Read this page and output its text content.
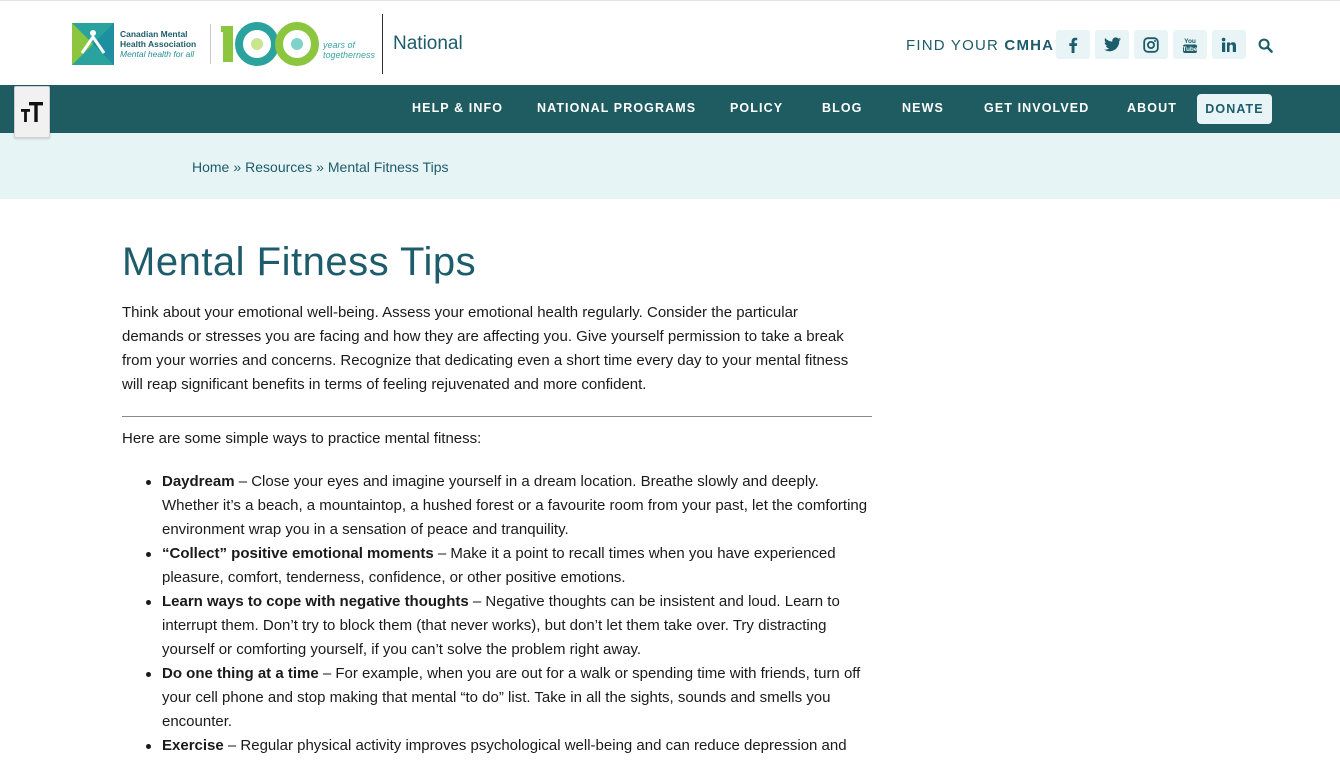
Canadian Mental
Health Association
Mental health for all
years of togetherness
National	FIND YOUR CMHA	You
Tube
HELP & INFO	NATIONAL PROGRAMS	POLICY	BLOG	NEWS	GET INVOLVED	ABOUT	DONATE
Home » Resources » Mental Fitness Tips
Mental Fitness Tips

Think about your emotional well-being. Assess your emotional health regularly. Consider the particular demands or stresses you are facing and how they are affecting you. Give yourself permission to take a break from your worries and concerns. Recognize that dedicating even a short time every day to your mental fitness will reap significant benefits in terms of feeling rejuvenated and more confident.

Here are some simple ways to practice mental fitness:

Daydream – Close your eyes and imagine yourself in a dream location. Breathe slowly and deeply. Whether it’s a beach, a mountaintop, a hushed forest or a favourite room from your past, let the comforting environment wrap you in a sensation of peace and tranquility.
“Collect” positive emotional moments – Make it a point to recall times when you have experienced pleasure, comfort, tenderness, confidence, or other positive emotions.
Learn ways to cope with negative thoughts – Negative thoughts can be insistent and loud. Learn to interrupt them. Don’t try to block them (that never works), but don’t let them take over. Try distracting yourself or comforting yourself, if you can’t solve the problem right away.
Do one thing at a time – For example, when you are out for a walk or spending time with friends, turn off your cell phone and stop making that mental “to do” list. Take in all the sights, sounds and smells you encounter.
Exercise – Regular physical activity improves psychological well-being and can reduce depression and
